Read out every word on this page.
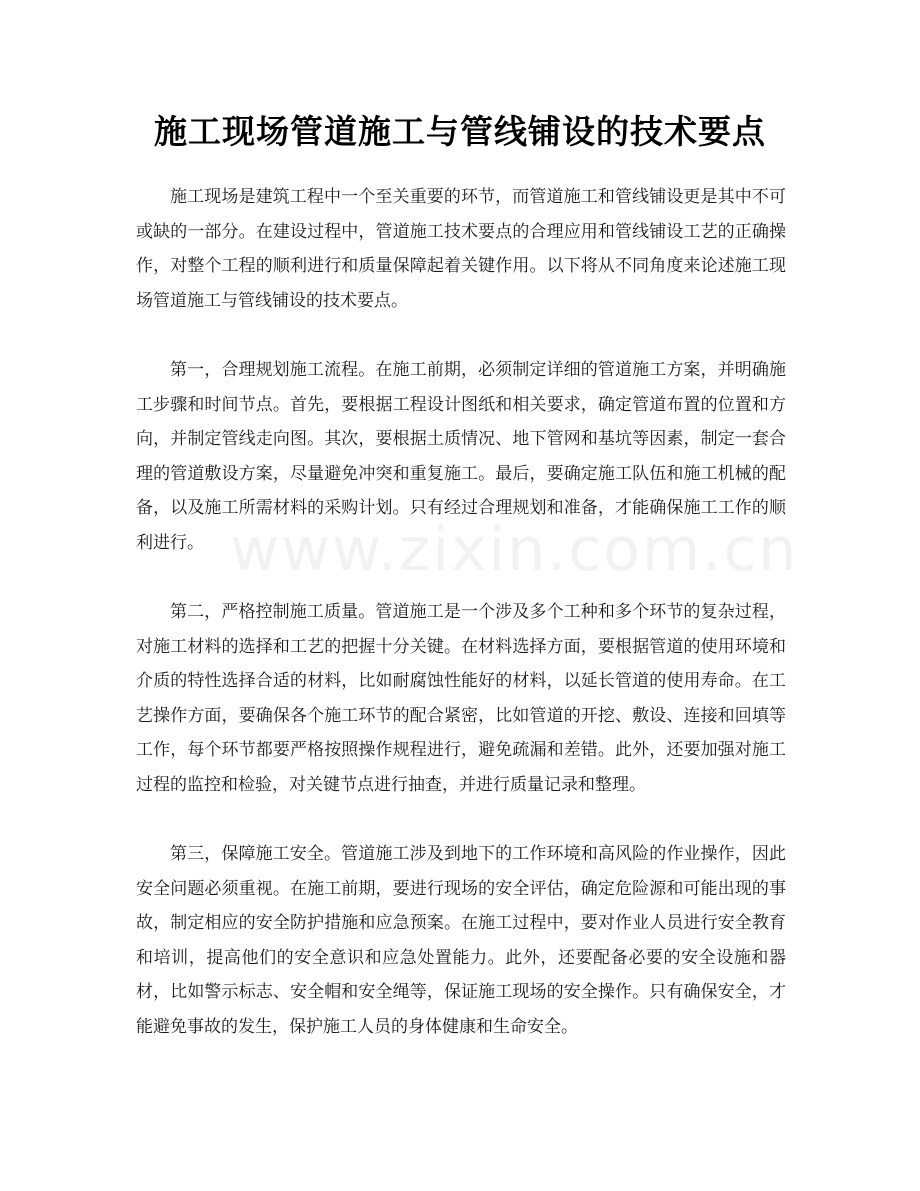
施工现场管道施工与管线铺设的技术要点
www.zixin.com.cn

施工现场是建筑工程中一个至关重要的环节，而管道施工和管线铺设更是其中不可或缺的一部分。在建设过程中，管道施工技术要点的合理应用和管线铺设工艺的正确操作，对整个工程的顺利进行和质量保障起着关键作用。以下将从不同角度来论述施工现场管道施工与管线铺设的技术要点。

第一，合理规划施工流程。在施工前期，必须制定详细的管道施工方案，并明确施工步骤和时间节点。首先，要根据工程设计图纸和相关要求，确定管道布置的位置和方向，并制定管线走向图。其次，要根据土质情况、地下管网和基坑等因素，制定一套合理的管道敷设方案，尽量避免冲突和重复施工。最后，要确定施工队伍和施工机械的配备，以及施工所需材料的采购计划。只有经过合理规划和准备，才能确保施工工作的顺利进行。

第二，严格控制施工质量。管道施工是一个涉及多个工种和多个环节的复杂过程，对施工材料的选择和工艺的把握十分关键。在材料选择方面，要根据管道的使用环境和介质的特性选择合适的材料，比如耐腐蚀性能好的材料，以延长管道的使用寿命。在工艺操作方面，要确保各个施工环节的配合紧密，比如管道的开挖、敷设、连接和回填等工作，每个环节都要严格按照操作规程进行，避免疏漏和差错。此外，还要加强对施工过程的监控和检验，对关键节点进行抽查，并进行质量记录和整理。

第三，保障施工安全。管道施工涉及到地下的工作环境和高风险的作业操作，因此安全问题必须重视。在施工前期，要进行现场的安全评估，确定危险源和可能出现的事故，制定相应的安全防护措施和应急预案。在施工过程中，要对作业人员进行安全教育和培训，提高他们的安全意识和应急处置能力。此外，还要配备必要的安全设施和器材，比如警示标志、安全帽和安全绳等，保证施工现场的安全操作。只有确保安全，才能避免事故的发生，保护施工人员的身体健康和生命安全。
